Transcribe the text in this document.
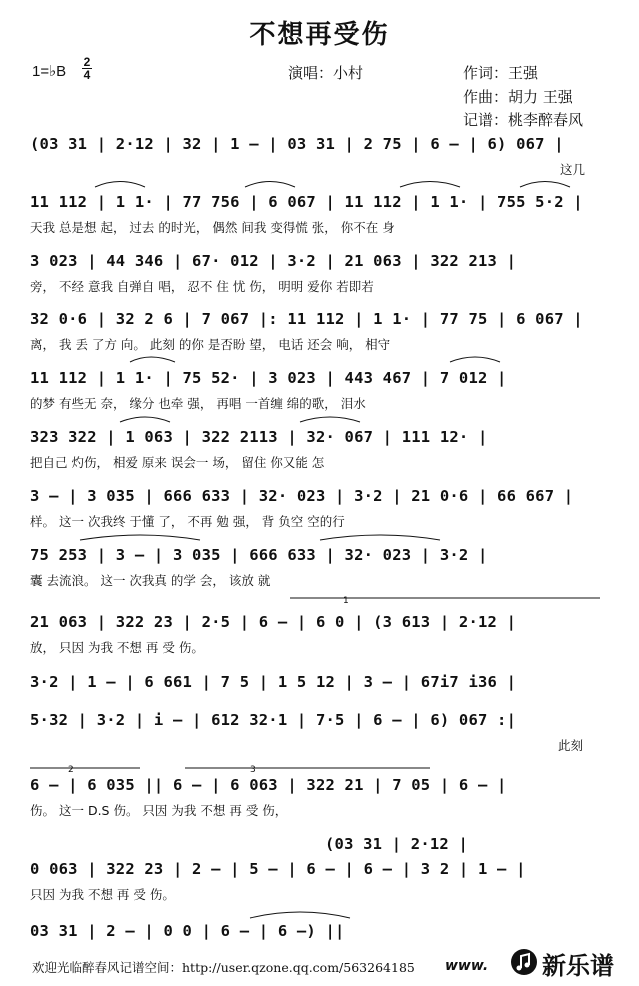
不想再受伤
1=♭B
2
4	演唱：小村	作词：王强
作曲：胡力 王强
记谱：桃李醉春风
(03 31 | 2·12 | 32 | 1 – | 03 31 | 2 75 | 6 – | 6) 067 |
这几
11 112 | 1 1· | 77 756 | 6 067 | 11 112 | 1 1· | 755 5·2 |
天我 总是想 起， 过去 的时光， 偶然 间我 变得慌 张， 你不在 身
3 023 | 44 346 | 67· 012 | 3·2 | 21 063 | 322 213 |
旁， 不经 意我 自弹自 唱， 忍不 住 忧 伤， 明明 爱你 若即若
32 0·6 | 32 2 6 | 7 067 |: 11 112 | 1 1· | 77 75 | 6 067 |
离， 我 丢 了方 向。 此刻 的你 是否盼 望， 电话 还会 响， 相守
11 112 | 1 1· | 75 52· | 3 023 | 443 467 | 7 012 |
的梦 有些无 奈， 缘分 也牵 强， 再唱 一首缠 绵的歌， 泪水
323 322 | 1 063 | 322 2113 | 32· 067 | 111 12· |
把自己 灼伤， 相爱 原来 误会一 场， 留住 你又能 怎
3 – | 3 035 | 666 633 | 32· 023 | 3·2 | 21 0·6 | 66 667 |
样。 这一 次我终 于懂 了， 不再 勉 强， 背 负空 空的行
75 253 | 3 – | 3 035 | 666 633 | 32· 023 | 3·2 |
囊 去流浪。 这一 次我真 的学 会， 该放 就
21 063 | 322 23 | 2·5 | 6 – | 6 0 | (3 613 | 2·12 |
放， 只因 为我 不想 再 受 伤。
3·2 | 1 – | 6 661 | 7 5 | 1 5 12 | 3 – | 67i7 i36 |
5·32 | 3·2 | i – | 612 32·1 | 7·5 | 6 – | 6) 067 :|
此刻
6 – | 6 035 || 6 – | 6 063 | 322 21 | 7 05 | 6 – |
伤。 这一 D.S 伤。 只因 为我 不想 再 受 伤，
(03 31 | 2·12 |
0 063 | 322 23 | 2 – | 5 – | 6 – | 6 – | 3 2 | 1 – |
只因 为我 不想 再 受 伤。
03 31 | 2 – | 0 0 | 6 – | 6 –) ||
1
2	3
欢迎光临醉春风记谱空间：http://user.qzone.qq.com/563264185 www. 新乐谱
